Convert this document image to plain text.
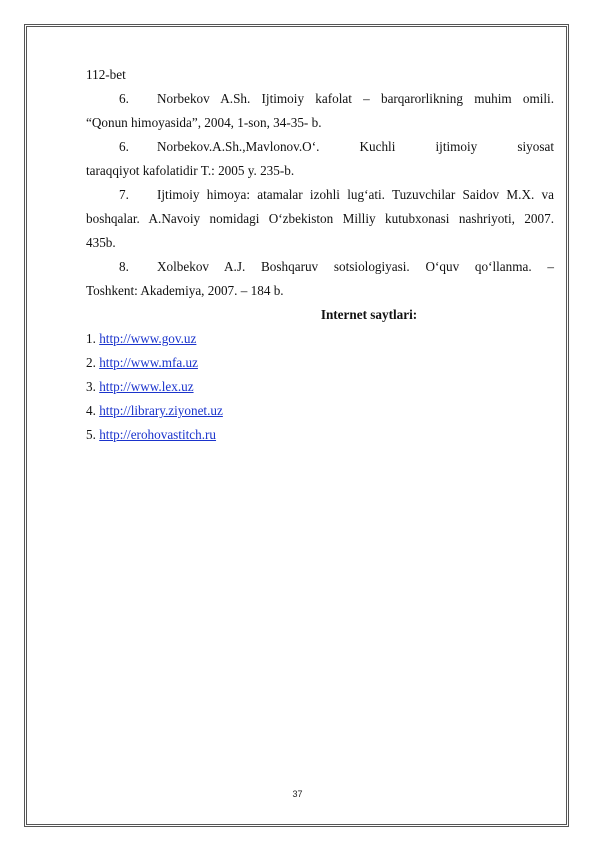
112-bet
6. Norbekov A.Sh. Ijtimoiy kafolat – barqarorlikning muhim omili.
“Qonun himoyasida”, 2004, 1-son, 34-35- b.
6. Norbekov.A.Sh.,Mavlonov.O‘. Kuchli ijtimoiy siyosat
taraqqiyot kafolatidir T.: 2005 y. 235-b.
7. Ijtimoiy himoya: atamalar izohli lug‘ati. Tuzuvchilar Saidov M.X. va
boshqalar. A.Navoiy nomidagi O‘zbekiston Milliy kutubxonasi nashriyoti, 2007.
435b.
8. Xolbekov A.J. Boshqaruv sotsiologiyasi. O‘quv qo‘llanma. –
Toshkent: Akademiya, 2007. – 184 b.
Internet saytlari:
1. http://www.gov.uz
2. http://www.mfa.uz
3. http://www.lex.uz
4. http://library.ziyonet.uz
5. http://erohovastitch.ru
37
